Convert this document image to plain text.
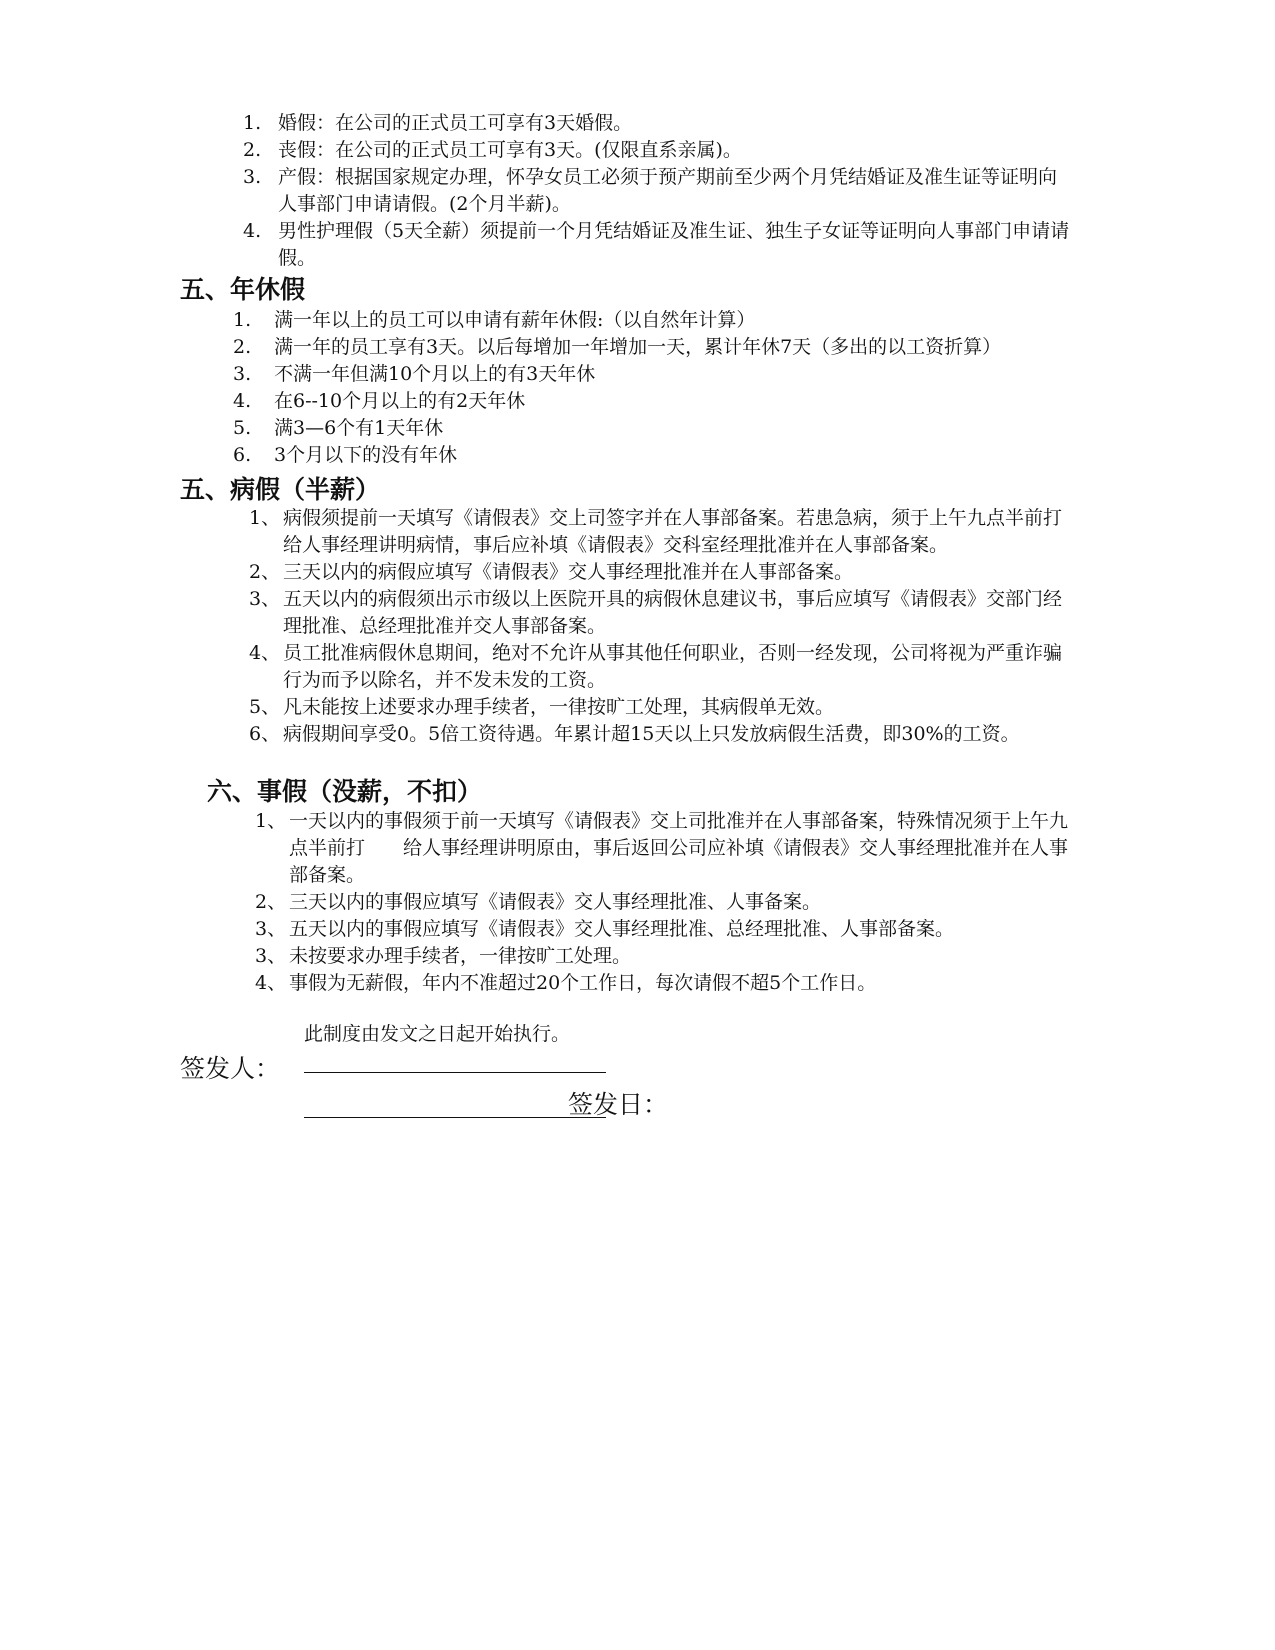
1. 婚假：在公司的正式员工可享有3天婚假。
2. 丧假：在公司的正式员工可享有3天。(仅限直系亲属)。
3. 产假：根据国家规定办理，怀孕女员工必须于预产期前至少两个月凭结婚证及准生证等证明向人事部门申请请假。(2个月半薪)。
4. 男性护理假（5天全薪）须提前一个月凭结婚证及准生证、独生子女证等证明向人事部门申请请假。
五、年休假
1. 满一年以上的员工可以申请有薪年休假:（以自然年计算）
2. 满一年的员工享有3天。以后每增加一年增加一天，累计年休7天（多出的以工资折算）
3. 不满一年但满10个月以上的有3天年休
4. 在6--10个月以上的有2天年休
5. 满3—6个有1天年休
6. 3个月以下的没有年休
五、病假（半薪）
1、 病假须提前一天填写《请假表》交上司签字并在人事部备案。若患急病，须于上午九点半前打　　给人事经理讲明病情，事后应补填《请假表》交科室经理批准并在人事部备案。
2、 三天以内的病假应填写《请假表》交人事经理批准并在人事部备案。
3、 五天以内的病假须出示市级以上医院开具的病假休息建议书，事后应填写《请假表》交部门经理批准、总经理批准并交人事部备案。
4、 员工批准病假休息期间，绝对不允许从事其他任何职业，否则一经发现，公司将视为严重诈骗行为而予以除名，并不发未发的工资。
5、 凡未能按上述要求办理手续者，一律按旷工处理，其病假单无效。
6、 病假期间享受0。5倍工资待遇。年累计超15天以上只发放病假生活费，即30%的工资。
六、事假（没薪，不扣）
1、 一天以内的事假须于前一天填写《请假表》交上司批准并在人事部备案，特殊情况须于上午九点半前打　　给人事经理讲明原由，事后返回公司应补填《请假表》交人事经理批准并在人事部备案。
2、 三天以内的事假应填写《请假表》交人事经理批准、人事备案。
3、 五天以内的事假应填写《请假表》交人事经理批准、总经理批准、人事部备案。
3、 未按要求办理手续者，一律按旷工处理。
4、 事假为无薪假，年内不准超过20个工作日，每次请假不超5个工作日。
此制度由发文之日起开始执行。
签发人：
签发日：
